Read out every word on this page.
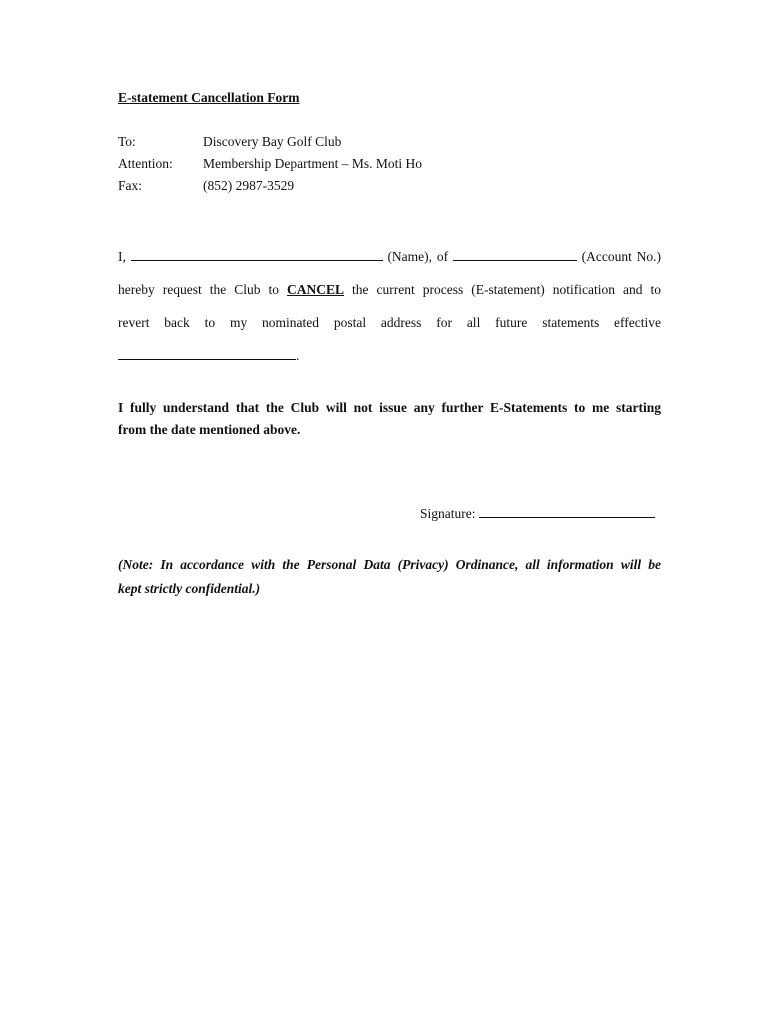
E-statement Cancellation Form
To:	Discovery Bay Golf Club
Attention: Membership Department – Ms. Moti Ho
Fax:	(852) 2987-3529
I,	(Name), of	(Account No.)
hereby request the Club to CANCEL the current process (E-statement) notification and to
revert back to my nominated postal address for all future statements effective
.
I fully understand that the Club will not issue any further E-Statements to me starting
from the date mentioned above.
Signature:
(Note: In accordance with the Personal Data (Privacy) Ordinance, all information will be
kept strictly confidential.)
